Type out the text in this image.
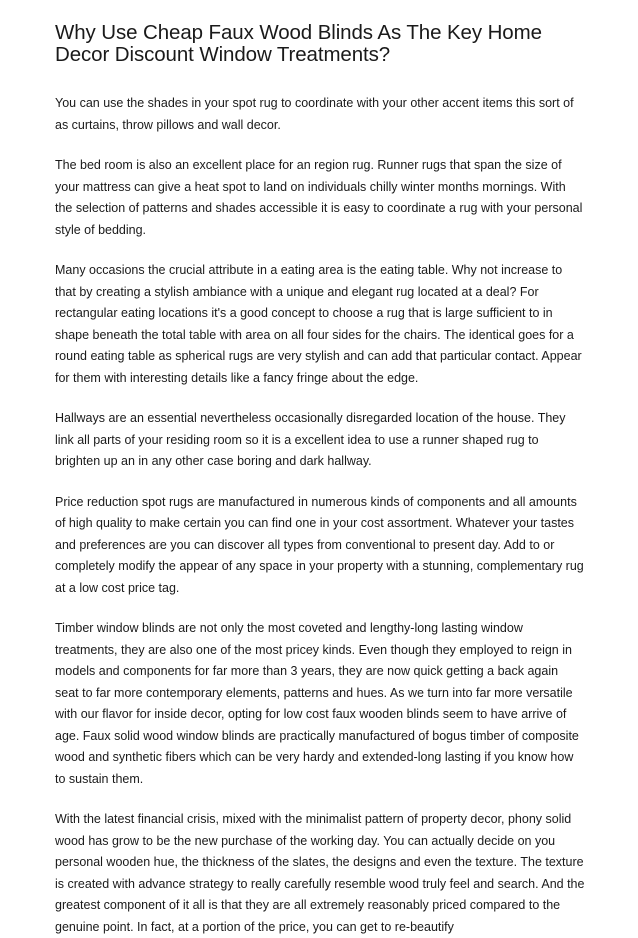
Why Use Cheap Faux Wood Blinds As The Key Home Decor Discount Window Treatments?

You can use the shades in your spot rug to coordinate with your other accent items this sort of as curtains, throw pillows and wall decor.

The bed room is also an excellent place for an region rug. Runner rugs that span the size of your mattress can give a heat spot to land on individuals chilly winter months mornings. With the selection of patterns and shades accessible it is easy to coordinate a rug with your personal style of bedding.

Many occasions the crucial attribute in a eating area is the eating table. Why not increase to that by creating a stylish ambiance with a unique and elegant rug located at a deal? For rectangular eating locations it's a good concept to choose a rug that is large sufficient to in shape beneath the total table with area on all four sides for the chairs. The identical goes for a round eating table as spherical rugs are very stylish and can add that particular contact. Appear for them with interesting details like a fancy fringe about the edge.

Hallways are an essential nevertheless occasionally disregarded location of the house. They link all parts of your residing room so it is a excellent idea to use a runner shaped rug to brighten up an in any other case boring and dark hallway.

Price reduction spot rugs are manufactured in numerous kinds of components and all amounts of high quality to make certain you can find one in your cost assortment. Whatever your tastes and preferences are you can discover all types from conventional to present day. Add to or completely modify the appear of any space in your property with a stunning, complementary rug at a low cost price tag.

Timber window blinds are not only the most coveted and lengthy-long lasting window treatments, they are also one of the most pricey kinds. Even though they employed to reign in models and components for far more than 3 years, they are now quick getting a back again seat to far more contemporary elements, patterns and hues. As we turn into far more versatile with our flavor for inside decor, opting for low cost faux wooden blinds seem to have arrive of age. Faux solid wood window blinds are practically manufactured of bogus timber of composite wood and synthetic fibers which can be very hardy and extended-long lasting if you know how to sustain them.

With the latest financial crisis, mixed with the minimalist pattern of property decor, phony solid wood has grow to be the new purchase of the working day. You can actually decide on you personal wooden hue, the thickness of the slates, the designs and even the texture. The texture is created with advance strategy to really carefully resemble wood truly feel and search. And the greatest component of it all is that they are all extremely reasonably priced compared to the genuine point. In fact, at a portion of the price, you can get to re-beautify
